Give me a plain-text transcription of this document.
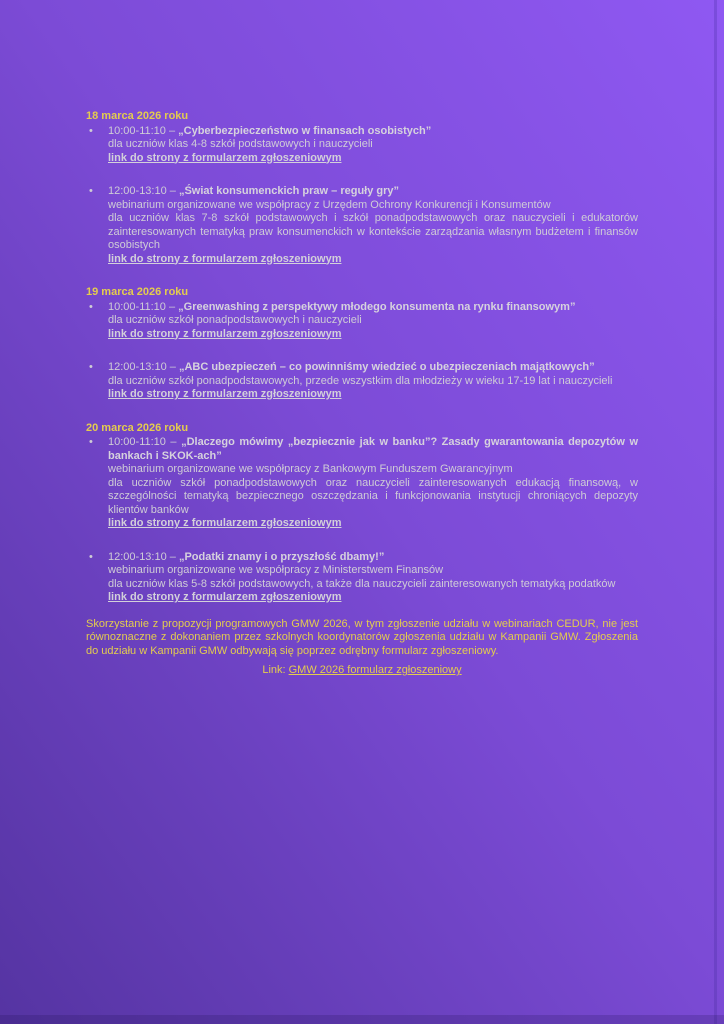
18 marca 2026 roku
•
10:00-11:10 – „Cyberbezpieczeństwo w finansach osobistych”
dla uczniów klas 4-8 szkół podstawowych i nauczycieli
link do strony z formularzem zgłoszeniowym
•
12:00-13:10 – „Świat konsumenckich praw – reguły gry”
webinarium organizowane we współpracy z Urzędem Ochrony Konkurencji i Konsumentów
dla uczniów klas 7-8 szkół podstawowych i szkół ponadpodstawowych oraz nauczycieli i edukatorów zainteresowanych tematyką praw konsumenckich w kontekście zarządzania własnym budżetem i finansów osobistych
link do strony z formularzem zgłoszeniowym
19 marca 2026 roku
•
10:00-11:10 – „Greenwashing z perspektywy młodego konsumenta na rynku finansowym”
dla uczniów szkół ponadpodstawowych i nauczycieli
link do strony z formularzem zgłoszeniowym
•
12:00-13:10 – „ABC ubezpieczeń – co powinniśmy wiedzieć o ubezpieczeniach majątkowych”
dla uczniów szkół ponadpodstawowych, przede wszystkim dla młodzieży w wieku 17-19 lat i nauczycieli
link do strony z formularzem zgłoszeniowym
20 marca 2026 roku
•
10:00-11:10 – „Dlaczego mówimy „bezpiecznie jak w banku”? Zasady gwarantowania depozytów w bankach i SKOK-ach”
webinarium organizowane we współpracy z Bankowym Funduszem Gwarancyjnym
dla uczniów szkół ponadpodstawowych oraz nauczycieli zainteresowanych edukacją finansową, w szczególności tematyką bezpiecznego oszczędzania i funkcjonowania instytucji chroniących depozyty klientów banków
link do strony z formularzem zgłoszeniowym
•
12:00-13:10 – „Podatki znamy i o przyszłość dbamy!”
webinarium organizowane we współpracy z Ministerstwem Finansów
dla uczniów klas 5-8 szkół podstawowych, a także dla nauczycieli zainteresowanych tematyką podatków
link do strony z formularzem zgłoszeniowym
Skorzystanie z propozycji programowych GMW 2026, w tym zgłoszenie udziału w webinariach CEDUR, nie jest równoznaczne z dokonaniem przez szkolnych koordynatorów zgłoszenia udziału w Kampanii GMW. Zgłoszenia do udziału w Kampanii GMW odbywają się poprzez odrębny formularz zgłoszeniowy.
Link: GMW 2026 formularz zgłoszeniowy
